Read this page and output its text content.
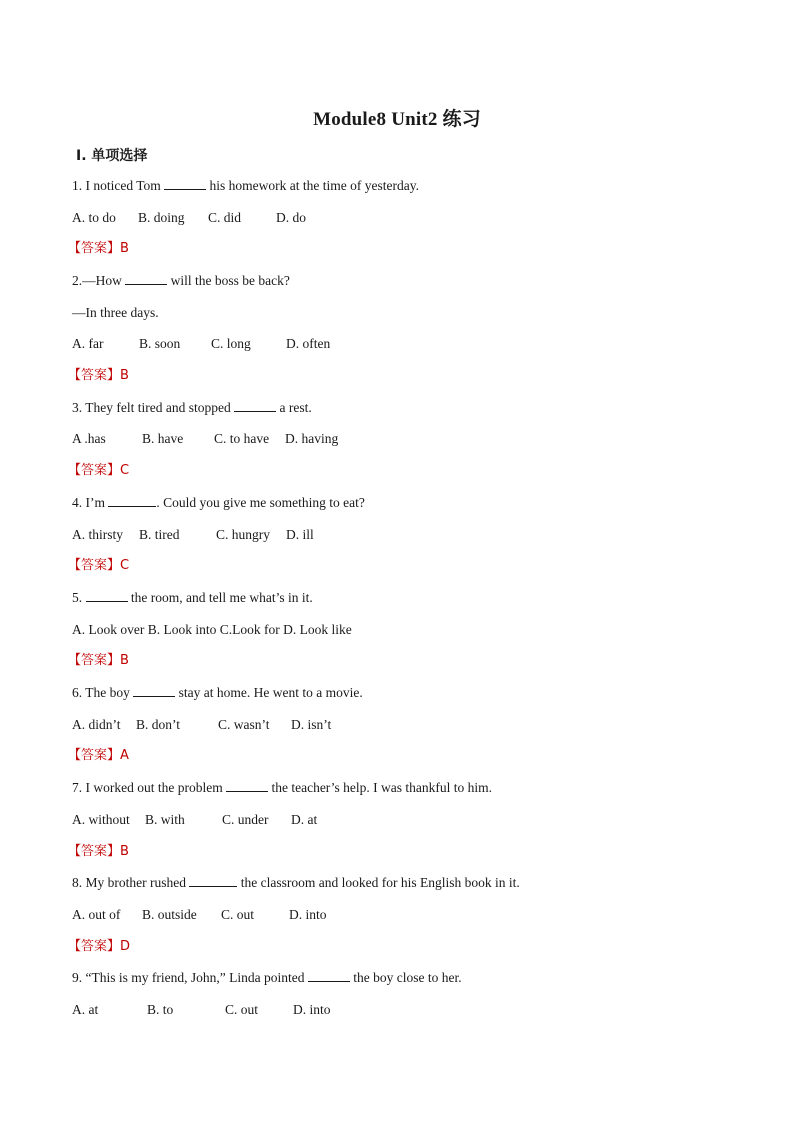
Module8 Unit2 练习
Ⅰ. 单项选择
1. I noticed Tom	his homework at the time of yesterday.
A. to do B. doing C. did	D. do
【答案】B
2.—How	will the boss be back?
—In three days.
A. far	B. soon C. long	D. often
【答案】B
3. They felt tired and stopped	a rest.
A .has	B. have C. to have D. having
【答案】C
4. I’m	. Could you give me something to eat?
A. thirsty B. tired	C. hungry D. ill
【答案】C
5.	the room, and tell me what’s in it.
A. Look over B. Look into C.Look for D. Look like
【答案】B
6. The boy	stay at home. He went to a movie.
A. didn’t B. don’t	C. wasn’t D. isn’t
【答案】A
7. I worked out the problem	the teacher’s help. I was thankful to him.
A. without B. with	C. under D. at
【答案】B
8. My brother rushed	the classroom and looked for his English book in it.
A. out of B. outside C. out	D. into
【答案】D
9. “This is my friend, John,” Linda pointed	the boy close to her.
A. at	B. to	C. out	D. into
